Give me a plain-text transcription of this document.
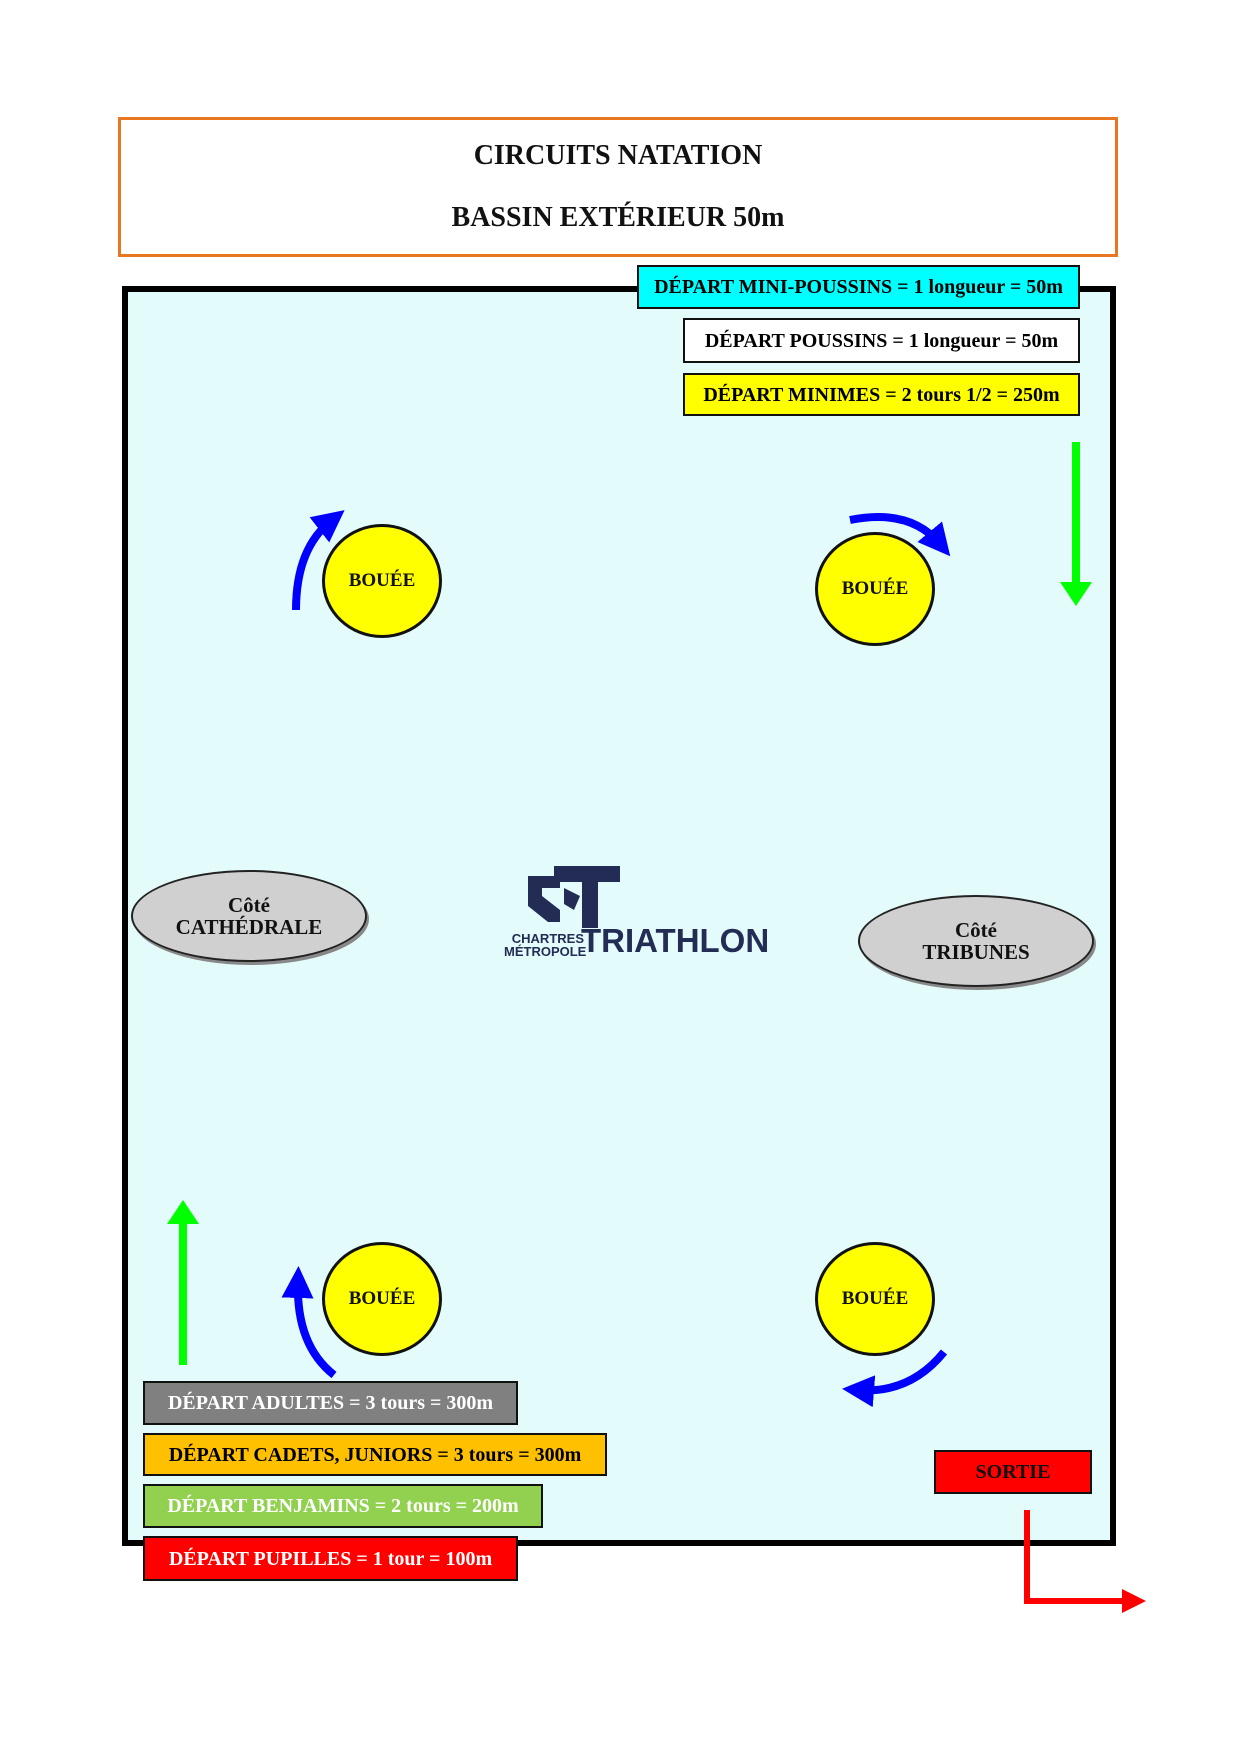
CIRCUITS NATATION
BASSIN EXTÉRIEUR 50m
DÉPART MINI-POUSSINS = 1 longueur = 50m
DÉPART POUSSINS = 1 longueur = 50m
DÉPART MINIMES = 2 tours 1/2 = 250m
DÉPART ADULTES = 3 tours = 300m
DÉPART CADETS, JUNIORS = 3 tours = 300m
DÉPART BENJAMINS = 2 tours = 200m
DÉPART PUPILLES = 1 tour = 100m
SORTIE
BOUÉE	BOUÉE
BOUÉE	BOUÉE
Côté
CATHÉDRALE	Côté
TRIBUNES
CHARTRES
MÉTROPOLE
TRIATHLON
